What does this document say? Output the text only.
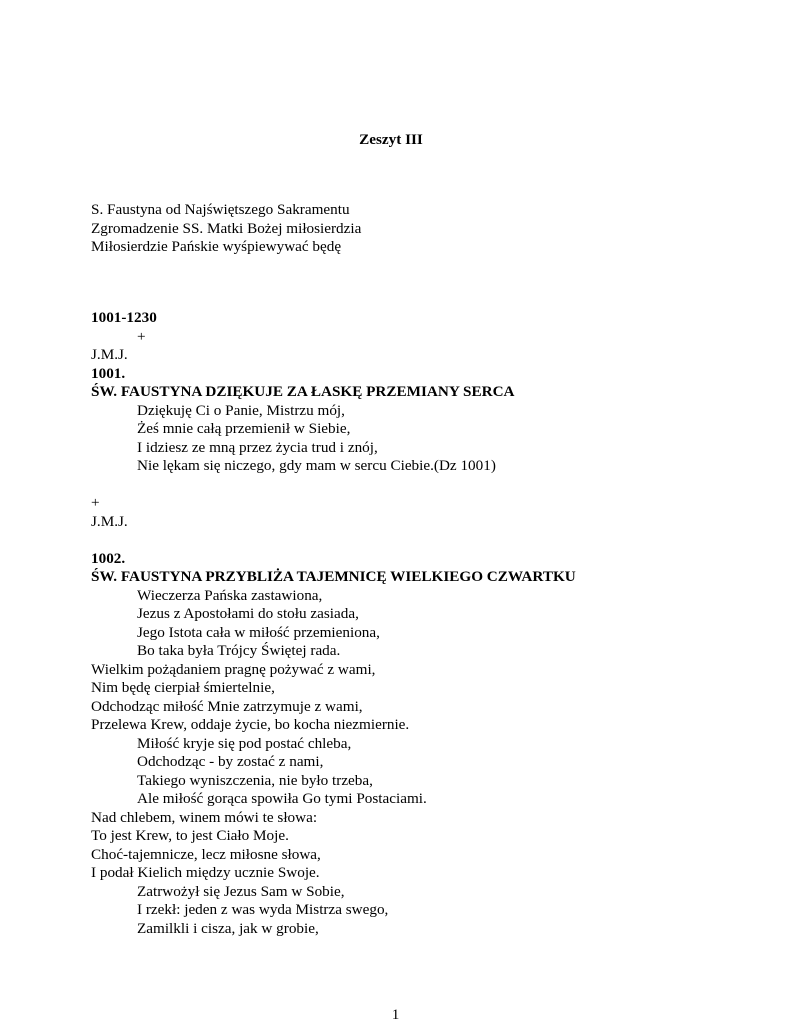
Zeszyt III
S. Faustyna od Najświętszego Sakramentu
Zgromadzenie SS. Matki Bożej miłosierdzia
Miłosierdzie Pańskie wyśpiewywać będę
1001-1230
+
J.M.J.
1001.
ŚW. FAUSTYNA DZIĘKUJE ZA ŁASKĘ PRZEMIANY SERCA
Dziękuję Ci o Panie, Mistrzu mój,
Żeś mnie całą przemienił w Siebie,
I idziesz ze mną przez życia trud i znój,
Nie lękam się niczego, gdy mam w sercu Ciebie.(Dz 1001)
+
J.M.J.
1002.
ŚW. FAUSTYNA PRZYBLIŻA TAJEMNICĘ WIELKIEGO CZWARTKU
Wieczerza Pańska zastawiona,
Jezus z Apostołami do stołu zasiada,
Jego Istota cała w miłość przemieniona,
Bo taka była Trójcy Świętej rada.
Wielkim pożądaniem pragnę pożywać z wami,
Nim będę cierpiał śmiertelnie,
Odchodząc miłość Mnie zatrzymuje z wami,
Przelewa Krew, oddaje życie, bo kocha niezmiernie.
Miłość kryje się pod postać chleba,
Odchodząc - by zostać z nami,
Takiego wyniszczenia, nie było trzeba,
Ale miłość gorąca spowiła Go tymi Postaciami.
Nad chlebem, winem mówi te słowa:
To jest Krew, to jest Ciało Moje.
Choć-tajemnicze, lecz miłosne słowa,
I podał Kielich między ucznie Swoje.
Zatrwożył się Jezus Sam w Sobie,
I rzekł: jeden z was wyda Mistrza swego,
Zamilkli i cisza, jak w grobie,
1
